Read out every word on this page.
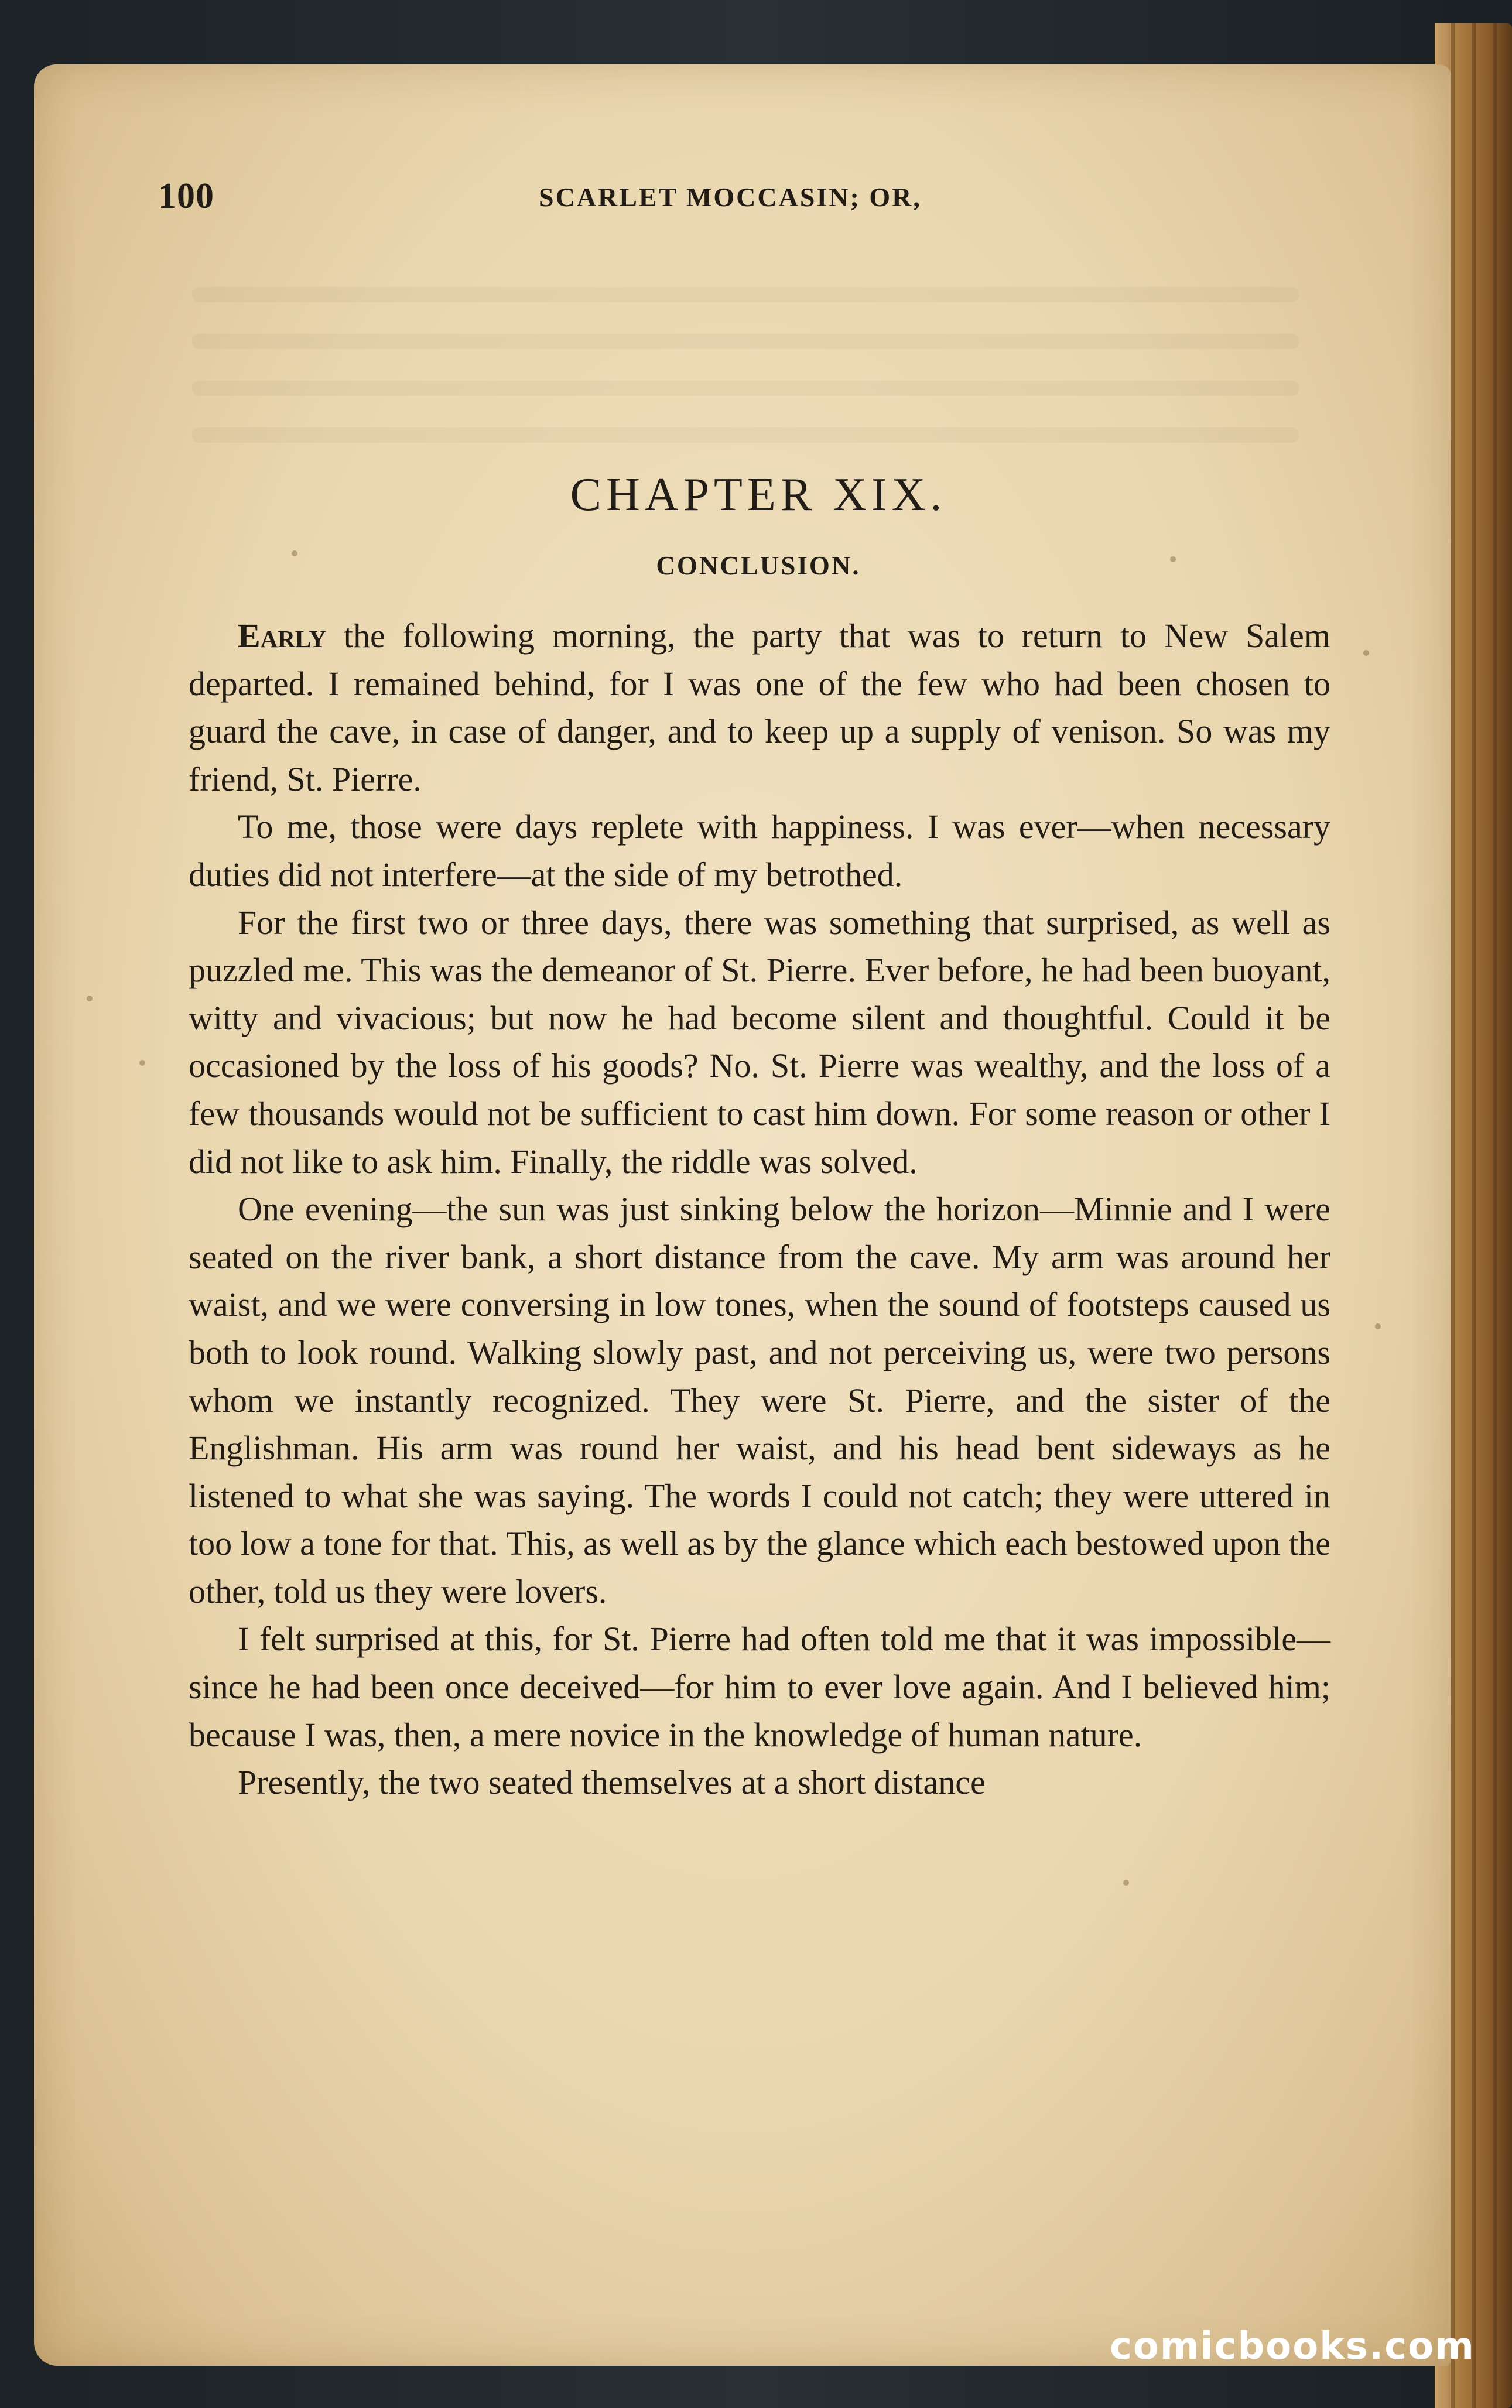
100	SCARLET MOCCASIN; OR,
CHAPTER XIX.
CONCLUSION.

Early the following morning, the party that was to return to New Salem departed. I remained behind, for I was one of the few who had been chosen to guard the cave, in case of danger, and to keep up a supply of venison. So was my friend, St. Pierre.

To me, those were days replete with happiness. I was ever—when necessary duties did not interfere—at the side of my betrothed.

For the first two or three days, there was something that surprised, as well as puzzled me. This was the demeanor of St. Pierre. Ever before, he had been buoyant, witty and vivacious; but now he had become silent and thoughtful. Could it be occasioned by the loss of his goods? No. St. Pierre was wealthy, and the loss of a few thousands would not be sufficient to cast him down. For some reason or other I did not like to ask him. Finally, the riddle was solved.

One evening—the sun was just sinking below the horizon—Minnie and I were seated on the river bank, a short distance from the cave. My arm was around her waist, and we were conversing in low tones, when the sound of footsteps caused us both to look round. Walking slowly past, and not perceiving us, were two persons whom we instantly recognized. They were St. Pierre, and the sister of the Englishman. His arm was round her waist, and his head bent sideways as he listened to what she was saying. The words I could not catch; they were uttered in too low a tone for that. This, as well as by the glance which each bestowed upon the other, told us they were lovers.

I felt surprised at this, for St. Pierre had often told me that it was impossible—since he had been once deceived—for him to ever love again. And I believed him; because I was, then, a mere novice in the knowledge of human nature.

Presently, the two seated themselves at a short distance

comicbooks.com
